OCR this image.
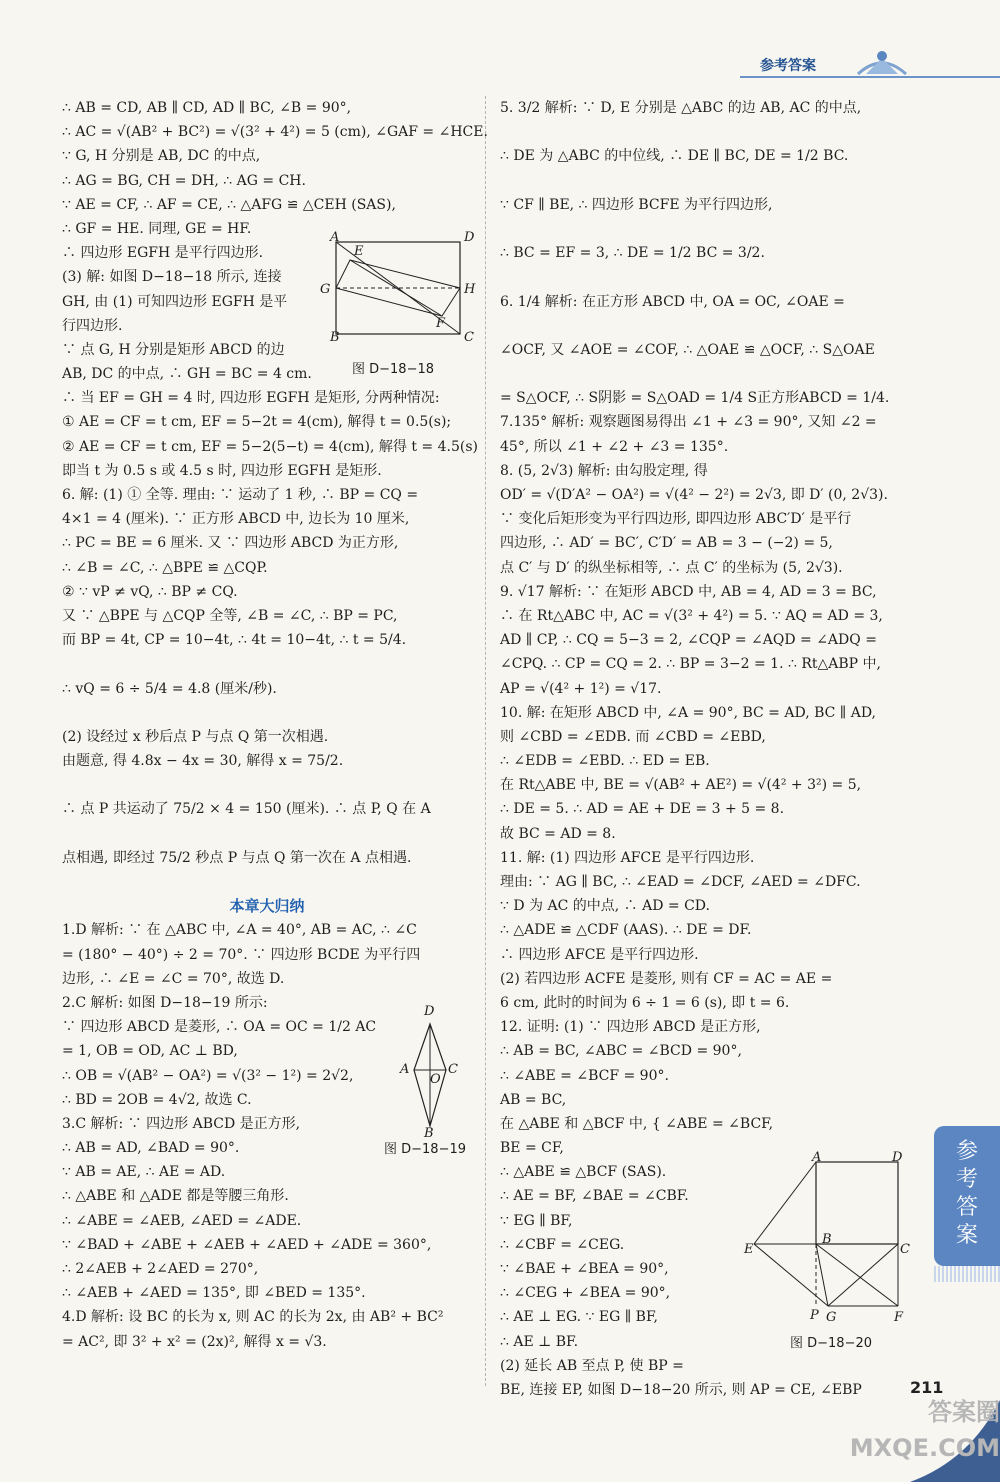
参考答案
∴ AB = CD, AB ∥ CD, AD ∥ BC, ∠B = 90°,
∴ AC = √(AB² + BC²) = √(3² + 4²) = 5 (cm), ∠GAF = ∠HCE.
∵ G, H 分别是 AB, DC 的中点,
∴ AG = BG, CH = DH, ∴ AG = CH.
∵ AE = CF, ∴ AF = CE, ∴ △AFG ≌ △CEH (SAS),
∴ GF = HE. 同理, GE = HF.
∴ 四边形 EGFH 是平行四边形.
(3) 解: 如图 D−18−18 所示, 连接
GH, 由 (1) 可知四边形 EGFH 是平
行四边形.
∵ 点 G, H 分别是矩形 ABCD 的边
AB, DC 的中点, ∴ GH = BC = 4 cm.
∴ 当 EF = GH = 4 时, 四边形 EGFH 是矩形, 分两种情况:
① AE = CF = t cm, EF = 5−2t = 4(cm), 解得 t = 0.5(s);
② AE = CF = t cm, EF = 5−2(5−t) = 4(cm), 解得 t = 4.5(s)
即当 t 为 0.5 s 或 4.5 s 时, 四边形 EGFH 是矩形.
6. 解: (1) ① 全等. 理由: ∵ 运动了 1 秒, ∴ BP = CQ =
4×1 = 4 (厘米). ∵ 正方形 ABCD 中, 边长为 10 厘米,
∴ PC = BE = 6 厘米. 又 ∵ 四边形 ABCD 为正方形,
∴ ∠B = ∠C, ∴ △BPE ≌ △CQP.
② ∵ vP ≠ vQ, ∴ BP ≠ CQ.
又 ∵ △BPE 与 △CQP 全等, ∠B = ∠C, ∴ BP = PC,
而 BP = 4t, CP = 10−4t, ∴ 4t = 10−4t, ∴ t = 5/4.
∴ vQ = 6 ÷ 5/4 = 4.8 (厘米/秒).
(2) 设经过 x 秒后点 P 与点 Q 第一次相遇.
由题意, 得 4.8x − 4x = 30, 解得 x = 75/2.
∴ 点 P 共运动了 75/2 × 4 = 150 (厘米). ∴ 点 P, Q 在 A
点相遇, 即经过 75/2 秒点 P 与点 Q 第一次在 A 点相遇.
本章大归纳
1.D 解析: ∵ 在 △ABC 中, ∠A = 40°, AB = AC, ∴ ∠C
= (180° − 40°) ÷ 2 = 70°. ∵ 四边形 BCDE 为平行四
边形, ∴ ∠E = ∠C = 70°, 故选 D.
2.C 解析: 如图 D−18−19 所示:
∵ 四边形 ABCD 是菱形, ∴ OA = OC = 1/2 AC
= 1, OB = OD, AC ⊥ BD,
∴ OB = √(AB² − OA²) = √(3² − 1²) = 2√2,
∴ BD = 2OB = 4√2, 故选 C.
3.C 解析: ∵ 四边形 ABCD 是正方形,
∴ AB = AD, ∠BAD = 90°.
∵ AB = AE, ∴ AE = AD.
∴ △ABE 和 △ADE 都是等腰三角形.
∴ ∠ABE = ∠AEB, ∠AED = ∠ADE.
∵ ∠BAD + ∠ABE + ∠AEB + ∠AED + ∠ADE = 360°,
∴ 2∠AEB + 2∠AED = 270°,
∴ ∠AEB + ∠AED = 135°, 即 ∠BED = 135°.
4.D 解析: 设 BC 的长为 x, 则 AC 的长为 2x, 由 AB² + BC²
= AC², 即 3² + x² = (2x)², 解得 x = √3.
5. 3/2 解析: ∵ D, E 分别是 △ABC 的边 AB, AC 的中点,
∴ DE 为 △ABC 的中位线, ∴ DE ∥ BC, DE = 1/2 BC.
∵ CF ∥ BE, ∴ 四边形 BCFE 为平行四边形,
∴ BC = EF = 3, ∴ DE = 1/2 BC = 3/2.
6. 1/4 解析: 在正方形 ABCD 中, OA = OC, ∠OAE =
∠OCF, 又 ∠AOE = ∠COF, ∴ △OAE ≌ △OCF, ∴ S△OAE
= S△OCF, ∴ S阴影 = S△OAD = 1/4 S正方形ABCD = 1/4.
7.135° 解析: 观察题图易得出 ∠1 + ∠3 = 90°, 又知 ∠2 =
45°, 所以 ∠1 + ∠2 + ∠3 = 135°.
8. (5, 2√3) 解析: 由勾股定理, 得
OD′ = √(D′A² − OA²) = √(4² − 2²) = 2√3, 即 D′ (0, 2√3).
∵ 变化后矩形变为平行四边形, 即四边形 ABC′D′ 是平行
四边形, ∴ AD′ = BC′, C′D′ = AB = 3 − (−2) = 5,
点 C′ 与 D′ 的纵坐标相等, ∴ 点 C′ 的坐标为 (5, 2√3).
9. √17 解析: ∵ 在矩形 ABCD 中, AB = 4, AD = 3 = BC,
∴ 在 Rt△ABC 中, AC = √(3² + 4²) = 5. ∵ AQ = AD = 3,
AD ∥ CP, ∴ CQ = 5−3 = 2, ∠CQP = ∠AQD = ∠ADQ =
∠CPQ. ∴ CP = CQ = 2. ∴ BP = 3−2 = 1. ∴ Rt△ABP 中,
AP = √(4² + 1²) = √17.
10. 解: 在矩形 ABCD 中, ∠A = 90°, BC = AD, BC ∥ AD,
则 ∠CBD = ∠EDB. 而 ∠CBD = ∠EBD,
∴ ∠EDB = ∠EBD. ∴ ED = EB.
在 Rt△ABE 中, BE = √(AB² + AE²) = √(4² + 3²) = 5,
∴ DE = 5. ∴ AD = AE + DE = 3 + 5 = 8.
故 BC = AD = 8.
11. 解: (1) 四边形 AFCE 是平行四边形.
理由: ∵ AG ∥ BC, ∴ ∠EAD = ∠DCF, ∠AED = ∠DFC.
∵ D 为 AC 的中点, ∴ AD = CD.
∴ △ADE ≌ △CDF (AAS). ∴ DE = DF.
∴ 四边形 AFCE 是平行四边形.
(2) 若四边形 ACFE 是菱形, 则有 CF = AC = AE =
6 cm, 此时的时间为 6 ÷ 1 = 6 (s), 即 t = 6.
12. 证明: (1) ∵ 四边形 ABCD 是正方形,
∴ AB = BC, ∠ABC = ∠BCD = 90°,
∴ ∠ABE = ∠BCF = 90°.
AB = BC,
在 △ABE 和 △BCF 中, { ∠ABE = ∠BCF,
BE = CF,
∴ △ABE ≌ △BCF (SAS).
∴ AE = BF, ∠BAE = ∠CBF.
∵ EG ∥ BF,
∴ ∠CBF = ∠CEG.
∵ ∠BAE + ∠BEA = 90°,
∴ ∠CEG + ∠BEA = 90°,
∴ AE ⊥ EG. ∵ EG ∥ BF,
∴ AE ⊥ BF.
(2) 延长 AB 至点 P, 使 BP =
BE, 连接 EP, 如图 D−18−20 所示, 则 AP = CE, ∠EBP
图 D−18−18
图 D−18−19
图 D−18−20
参考答案
211
答案圈
MXQE.COM
A	D
E
G	H
F
B	C
D
A
O
C
B
A	D
B
C
E
P G	F
